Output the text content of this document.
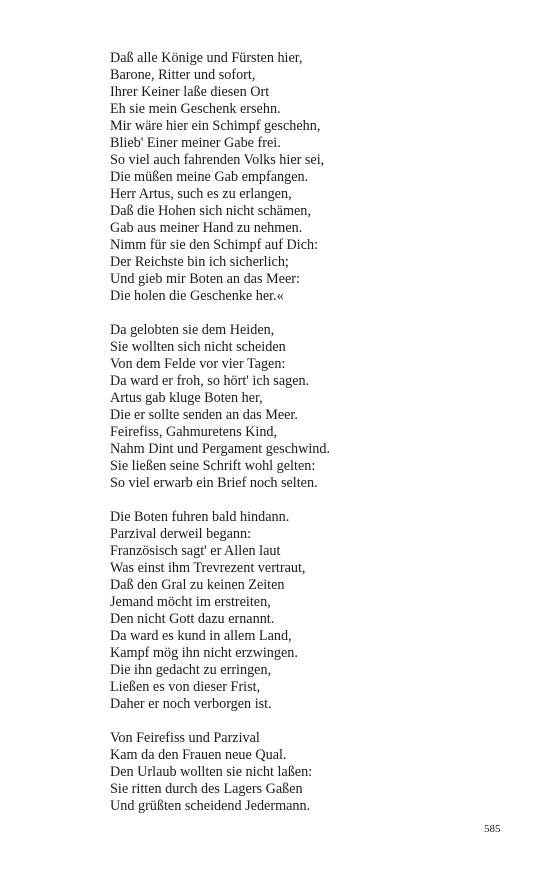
Daß alle Könige und Fürsten hier,
Barone, Ritter und sofort,
Ihrer Keiner laße diesen Ort
Eh sie mein Geschenk ersehn.
Mir wäre hier ein Schimpf geschehn,
Blieb' Einer meiner Gabe frei.
So viel auch fahrenden Volks hier sei,
Die müßen meine Gab empfangen.
Herr Artus, such es zu erlangen,
Daß die Hohen sich nicht schämen,
Gab aus meiner Hand zu nehmen.
Nimm für sie den Schimpf auf Dich:
Der Reichste bin ich sicherlich;
Und gieb mir Boten an das Meer:
Die holen die Geschenke her.«
Da gelobten sie dem Heiden,
Sie wollten sich nicht scheiden
Von dem Felde vor vier Tagen:
Da ward er froh, so hört' ich sagen.
Artus gab kluge Boten her,
Die er sollte senden an das Meer.
Feirefiss, Gahmuretens Kind,
Nahm Dint und Pergament geschwind.
Sie ließen seine Schrift wohl gelten:
So viel erwarb ein Brief noch selten.
Die Boten fuhren bald hindann.
Parzival derweil begann:
Französisch sagt' er Allen laut
Was einst ihm Trevrezent vertraut,
Daß den Gral zu keinen Zeiten
Jemand möcht im erstreiten,
Den nicht Gott dazu ernannt.
Da ward es kund in allem Land,
Kampf mög ihn nicht erzwingen.
Die ihn gedacht zu erringen,
Ließen es von dieser Frist,
Daher er noch verborgen ist.
Von Feirefiss und Parzival
Kam da den Frauen neue Qual.
Den Urlaub wollten sie nicht laßen:
Sie ritten durch des Lagers Gaßen
Und grüßten scheidend Jedermann.
585
